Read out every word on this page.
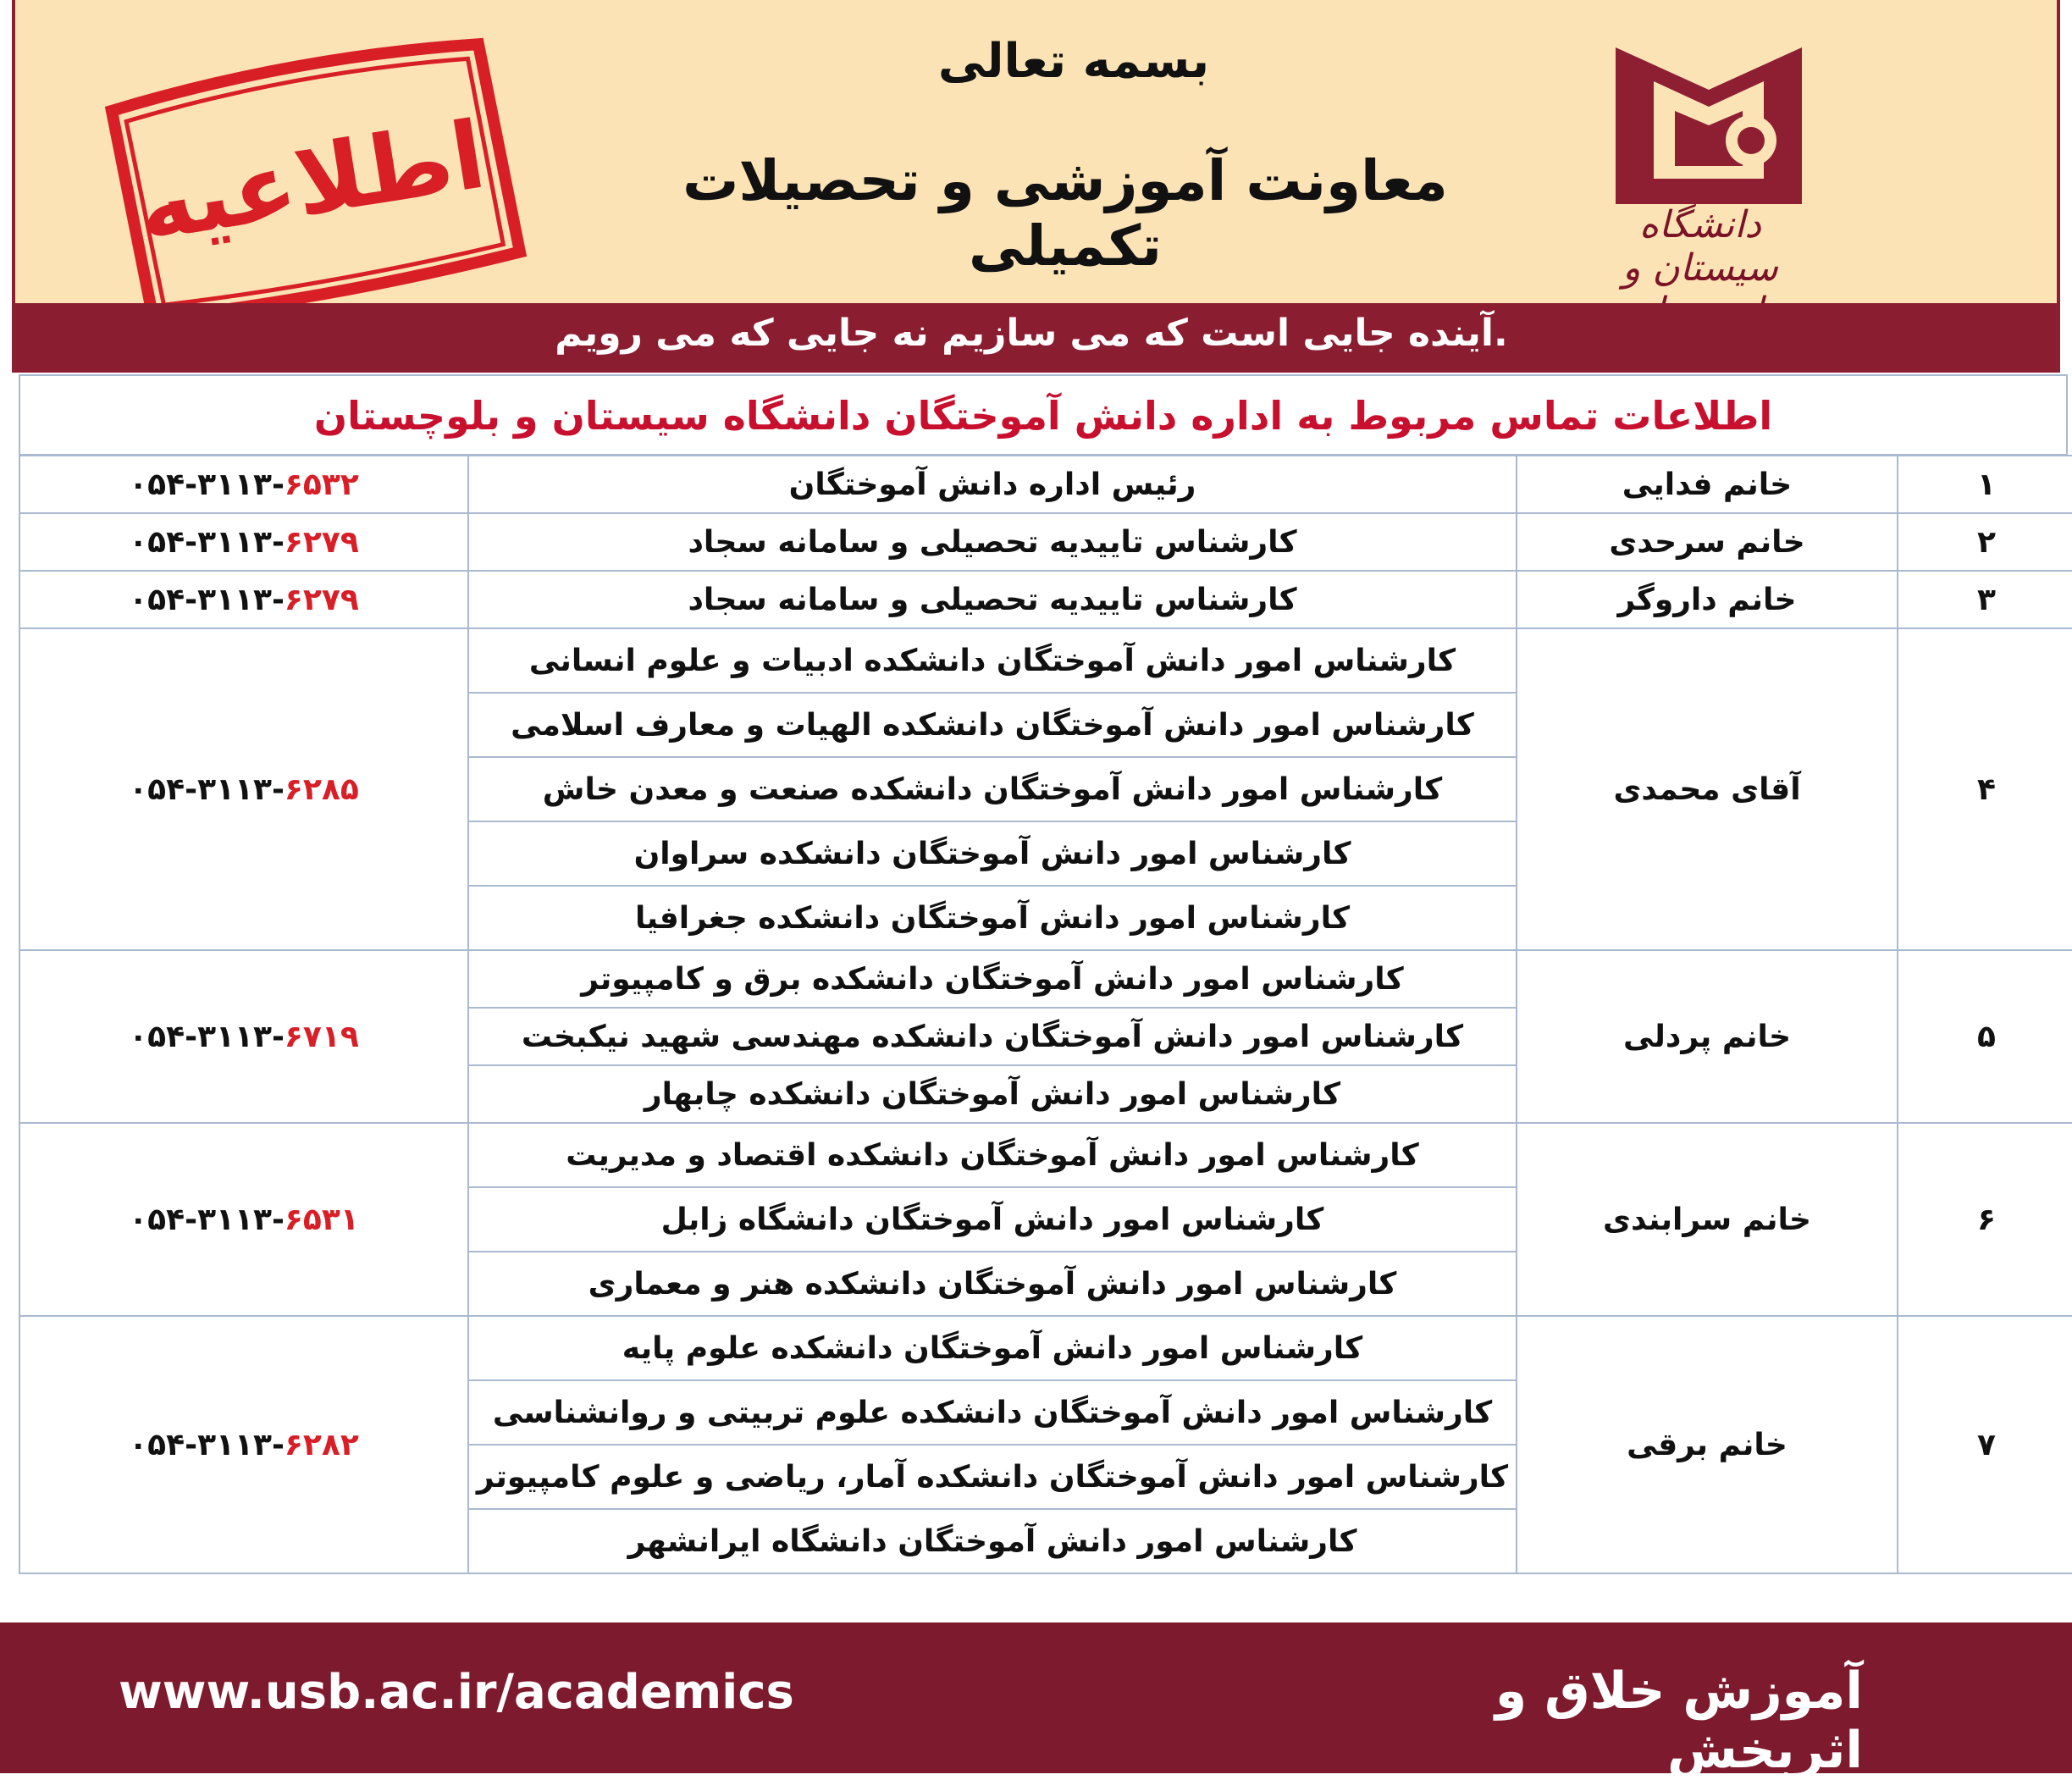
دانشگاه سیستان و
بسمه تعالی
معاونت آموزشی و تحصیلات تکمیلی
اطلاعیه
آینده جایی است که می سازیم نه جایی که می رویم.
اطلاعات تماس مربوط به اداره دانش آموختگان دانشگاه سیستان و بلوچستان
۰۵۴-۳۱۱۳-۶۵۳۲	رئیس اداره دانش آموختگان	خانم فدایی	۱
۰۵۴-۳۱۱۳-۶۲۷۹	کارشناس تاییدیه تحصیلی و سامانه سجاد	خانم سرحدی	۲
۰۵۴-۳۱۱۳-۶۲۷۹	کارشناس تاییدیه تحصیلی و سامانه سجاد	خانم داروگر	۳
۰۵۴-۳۱۱۳-۶۲۸۵	کارشناس امور دانش آموختگان دانشکده ادبیات و علوم انسانی	آقای محمدی	۴
	کارشناس امور دانش آموختگان دانشکده الهیات و معارف اسلامی		
	کارشناس امور دانش آموختگان دانشکده صنعت و معدن خاش		
	کارشناس امور دانش آموختگان دانشکده سراوان		
	کارشناس امور دانش آموختگان دانشکده جغرافیا		
۰۵۴-۳۱۱۳-۶۷۱۹	کارشناس امور دانش آموختگان دانشکده برق و کامپیوتر	خانم پردلی	۵
	کارشناس امور دانش آموختگان دانشکده مهندسی شهید نیکبخت		
	کارشناس امور دانش آموختگان دانشکده چابهار		
۰۵۴-۳۱۱۳-۶۵۳۱	کارشناس امور دانش آموختگان دانشکده اقتصاد و مدیریت	خانم سرابندی	۶
	کارشناس امور دانش آموختگان دانشگاه زابل		
	کارشناس امور دانش آموختگان دانشکده هنر و معماری		
۰۵۴-۳۱۱۳-۶۲۸۲	کارشناس امور دانش آموختگان دانشکده علوم پایه	خانم برقی	۷
	کارشناس امور دانش آموختگان دانشکده علوم تربیتی و روانشناسی		
	کارشناس امور دانش آموختگان دانشکده آمار، ریاضی و علوم کامپیوتر		
	کارشناس امور دانش آموختگان دانشگاه ایرانشهر		
www.usb.ac.ir/academics	آموزش خلاق و اثربخش
